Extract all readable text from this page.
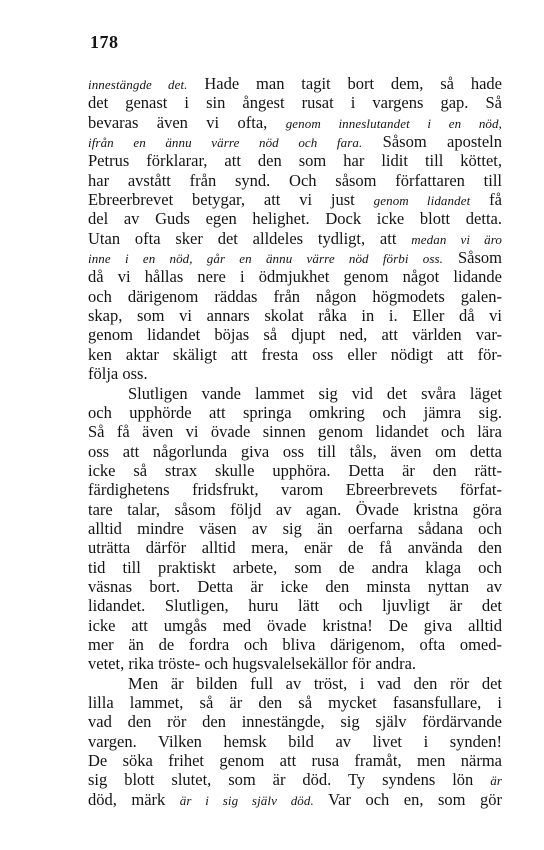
178
innestängde det. Hade man tagit bort dem, så hade
det genast i sin ångest rusat i vargens gap. Så
bevaras även vi ofta, genom inneslutandet i en nöd,
ifrån en ännu värre nöd och fara. Såsom aposteln
Petrus förklarar, att den som har lidit till köttet,
har avstått från synd. Och såsom författaren till
Ebreerbrevet betygar, att vi just genom lidandet få
del av Guds egen helighet. Dock icke blott detta.
Utan ofta sker det alldeles tydligt, att medan vi äro
inne i en nöd, går en ännu värre nöd förbi oss. Såsom
då vi hållas nere i ödmjukhet genom något lidande
och därigenom räddas från någon högmodets galen-
skap, som vi annars skolat råka in i. Eller då vi
genom lidandet böjas så djupt ned, att världen var-
ken aktar skäligt att fresta oss eller nödigt att för-
följa oss.
Slutligen vande lammet sig vid det svåra läget
och upphörde att springa omkring och jämra sig.
Så få även vi övade sinnen genom lidandet och lära
oss att någorlunda giva oss till tåls, även om detta
icke så strax skulle upphöra. Detta är den rätt-
färdighetens fridsfrukt, varom Ebreerbrevets förfat-
tare talar, såsom följd av agan. Övade kristna göra
alltid mindre väsen av sig än oerfarna sådana och
uträtta därför alltid mera, enär de få använda den
tid till praktiskt arbete, som de andra klaga och
väsnas bort. Detta är icke den minsta nyttan av
lidandet. Slutligen, huru lätt och ljuvligt är det
icke att umgås med övade kristna! De giva alltid
mer än de fordra och bliva därigenom, ofta omed-
vetet, rika tröste- och hugsvalelsekällor för andra.
Men är bilden full av tröst, i vad den rör det
lilla lammet, så är den så mycket fasansfullare, i
vad den rör den innestängde, sig själv fördärvande
vargen. Vilken hemsk bild av livet i synden!
De söka frihet genom att rusa framåt, men närma
sig blott slutet, som är död. Ty syndens lön är
död, märk är i sig själv död. Var och en, som gör
